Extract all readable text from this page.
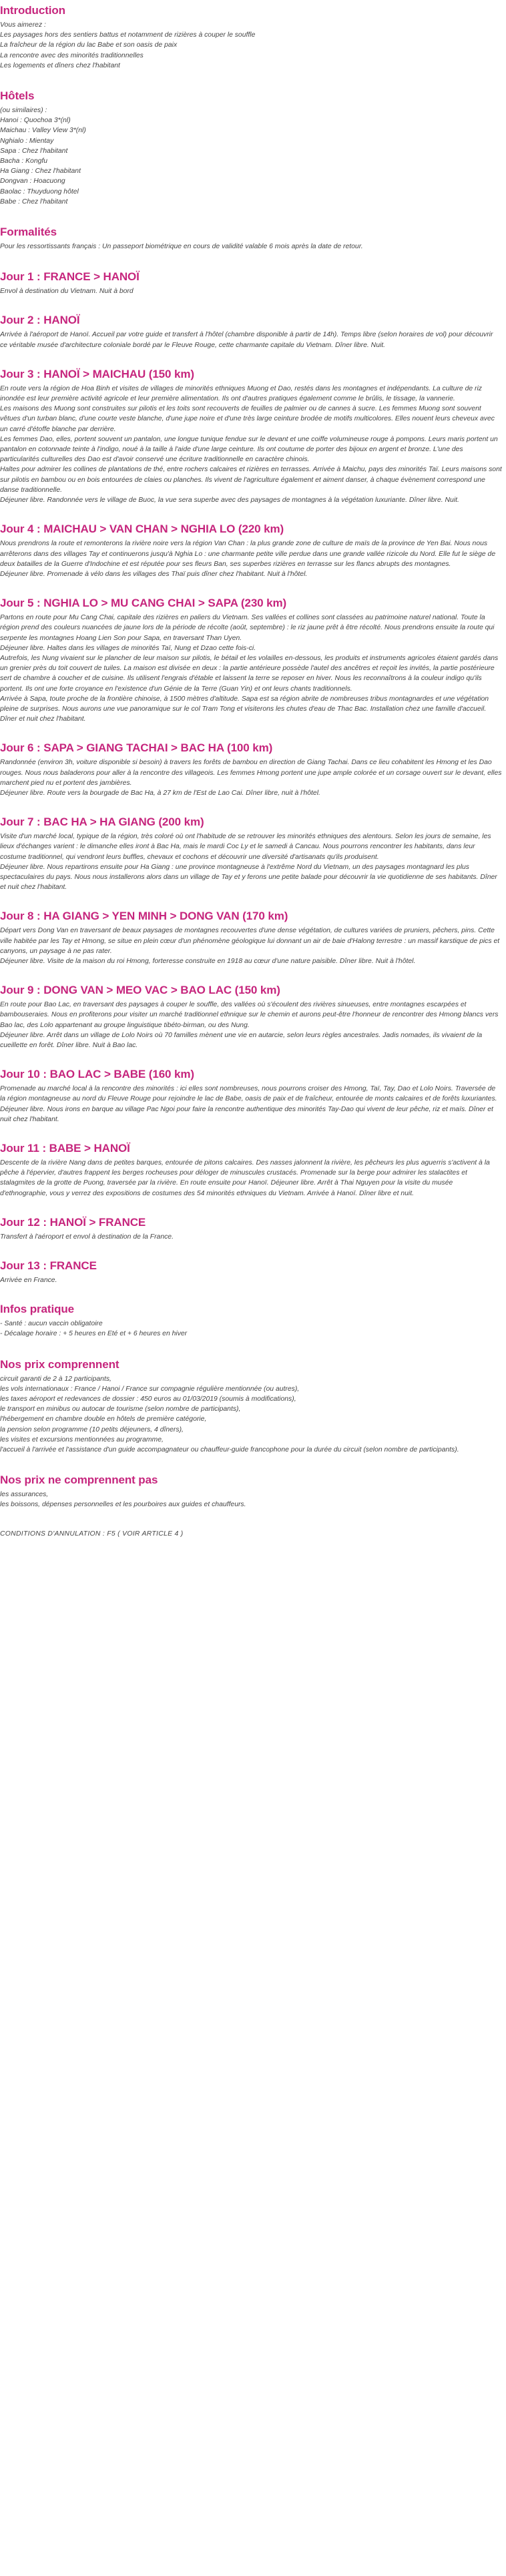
Introduction
Vous aimerez :
Les paysages hors des sentiers battus et notamment de rizières à couper le souffle
La fraîcheur de la région du lac Babe et son oasis de paix
La rencontre avec des minorités traditionnelles
Les logements et dîners chez l'habitant
Hôtels
(ou similaires) :
Hanoi : Quochoa 3*(nl)
Maichau : Valley View 3*(nl)
Nghialo : Mientay
Sapa : Chez l'habitant
Bacha : Kongfu
Ha Giang : Chez l'habitant
Dongvan : Hoacuong
Baolac : Thuyduong hôtel
Babe : Chez l'habitant
Formalités
Pour les ressortissants français : Un passeport biométrique en cours de validité valable 6 mois après la date de retour.
Jour 1 : FRANCE > HANOÏ
Envol à destination du Vietnam. Nuit à bord
Jour 2 : HANOÏ
Arrivée à l'aéroport de Hanoï. Accueil par votre guide et transfert à l'hôtel (chambre disponible à partir de 14h). Temps libre (selon horaires de vol) pour découvrir ce véritable musée d'architecture coloniale bordé par le Fleuve Rouge, cette charmante capitale du Vietnam. Dîner libre. Nuit.
Jour 3 : HANOÏ > MAICHAU (150 km)
En route vers la région de Hoa Binh et visites de villages de minorités ethniques Muong et Dao, restés dans les montagnes et indépendants. La culture de riz inondée est leur première activité agricole et leur première alimentation. Ils ont d'autres pratiques également comme le brûlis, le tissage, la vannerie.
Les maisons des Muong sont construites sur pilotis et les toits sont recouverts de feuilles de palmier ou de cannes à sucre. Les femmes Muong sont souvent vêtues d'un turban blanc, d'une courte veste blanche, d'une jupe noire et d'une très large ceinture brodée de motifs multicolores. Elles nouent leurs cheveux avec un carré d'étoffe blanche par derrière.
Les femmes Dao, elles, portent souvent un pantalon, une longue tunique fendue sur le devant et une coiffe volumineuse rouge à pompons. Leurs maris portent un pantalon en cotonnade teinte à l'indigo, noué à la taille à l'aide d'une large ceinture. Ils ont coutume de porter des bijoux en argent et bronze. L'une des particularités culturelles des Dao est d'avoir conservé une écriture traditionnelle en caractère chinois.
Haltes pour admirer les collines de plantations de thé, entre rochers calcaires et rizières en terrasses. Arrivée à Maichu, pays des minorités Taï. Leurs maisons sont sur pilotis en bambou ou en bois entourées de claies ou planches. Ils vivent de l'agriculture également et aiment danser, à chaque évènement correspond une danse traditionnelle.
Déjeuner libre. Randonnée vers le village de Buoc, la vue sera superbe avec des paysages de montagnes à la végétation luxuriante. Dîner libre. Nuit.
Jour 4 : MAICHAU > VAN CHAN > NGHIA LO (220 km)
Nous prendrons la route et remonterons la rivière noire vers la région Van Chan : la plus grande zone de culture de maïs de la province de Yen Bai. Nous nous arrêterons dans des villages Tay et continuerons jusqu'à Nghia Lo : une charmante petite ville perdue dans une grande vallée rizicole du Nord. Elle fut le siège de deux batailles de la Guerre d'Indochine et est réputée pour ses fleurs Ban, ses superbes rizières en terrasse sur les flancs abrupts des montagnes.
Déjeuner libre. Promenade à vélo dans les villages des Thaï puis dîner chez l'habitant. Nuit à l'hôtel.
Jour 5 : NGHIA LO > MU CANG CHAI > SAPA (230 km)
Partons en route pour Mu Cang Chai, capitale des rizières en paliers du Vietnam. Ses vallées et collines sont classées au patrimoine naturel national. Toute la région prend des couleurs nuancées de jaune lors de la période de récolte (août, septembre) : le riz jaune prêt à être récolté. Nous prendrons ensuite la route qui serpente les montagnes Hoang Lien Son pour Sapa, en traversant Than Uyen.
Déjeuner libre. Haltes dans les villages de minorités Taï, Nung et Dzao cette fois-ci.
Autrefois, les Nung vivaient sur le plancher de leur maison sur pilotis, le bétail et les volailles en-dessous, les produits et instruments agricoles étaient gardés dans un grenier près du toit couvert de tuiles. La maison est divisée en deux : la partie antérieure possède l'autel des ancêtres et reçoit les invités, la partie postérieure sert de chambre à coucher et de cuisine. Ils utilisent l'engrais d'étable et laissent la terre se reposer en hiver. Nous les reconnaîtrons à la couleur indigo qu'ils portent. Ils ont une forte croyance en l'existence d'un Génie de la Terre (Guan Yin) et ont leurs chants traditionnels.
Arrivée à Sapa, toute proche de la frontière chinoise, à 1500 mètres d'altitude. Sapa est sa région abrite de nombreuses tribus montagnardes et une végétation pleine de surprises. Nous aurons une vue panoramique sur le col Tram Tong et visiterons les chutes d'eau de Thac Bac. Installation chez une famille d'accueil. Dîner et nuit chez l'habitant.
Jour 6 : SAPA > GIANG TACHAI > BAC HA (100 km)
Randonnée (environ 3h, voiture disponible si besoin) à travers les forêts de bambou en direction de Giang Tachai. Dans ce lieu cohabitent les Hmong et les Dao rouges. Nous nous baladerons pour aller à la rencontre des villageois. Les femmes Hmong portent une jupe ample colorée et un corsage ouvert sur le devant, elles marchent pied nu et portent des jambières.
Déjeuner libre. Route vers la bourgade de Bac Ha, à 27 km de l'Est de Lao Cai. Dîner libre, nuit à l'hôtel.
Jour 7 : BAC HA > HA GIANG (200 km)
Visite d'un marché local, typique de la région, très coloré où ont l'habitude de se retrouver les minorités ethniques des alentours. Selon les jours de semaine, les lieux d'échanges varient : le dimanche elles iront à Bac Ha, mais le mardi Coc Ly et le samedi à Cancau. Nous pourrons rencontrer les habitants, dans leur costume traditionnel, qui vendront leurs buffles, chevaux et cochons et découvrir une diversité d'artisanats qu'ils produisent.
Déjeuner libre. Nous repartirons ensuite pour Ha Giang : une province montagneuse à l'extrême Nord du Vietnam, un des paysages montagnard les plus spectaculaires du pays. Nous nous installerons alors dans un village de Tay et y ferons une petite balade pour découvrir la vie quotidienne de ses habitants. Dîner et nuit chez l'habitant.
Jour 8 : HA GIANG > YEN MINH > DONG VAN (170 km)
Départ vers Dong Van en traversant de beaux paysages de montagnes recouvertes d'une dense végétation, de cultures variées de pruniers, pêchers, pins. Cette ville habitée par les Tay et Hmong, se situe en plein cœur d'un phénomène géologique lui donnant un air de baie d'Halong terrestre : un massif karstique de pics et canyons, un paysage à ne pas rater.
Déjeuner libre. Visite de la maison du roi Hmong, forteresse construite en 1918 au cœur d'une nature paisible. Dîner libre. Nuit à l'hôtel.
Jour 9 : DONG VAN > MEO VAC > BAO LAC (150 km)
En route pour Bao Lac, en traversant des paysages à couper le souffle, des vallées où s'écoulent des rivières sinueuses, entre montagnes escarpées et bambouseraies. Nous en profiterons pour visiter un marché traditionnel ethnique sur le chemin et aurons peut-être l'honneur de rencontrer des Hmong blancs vers Bao lac, des Lolo appartenant au groupe linguistique tibéto-birman, ou des Nung.
Déjeuner libre. Arrêt dans un village de Lolo Noirs où 70 familles mènent une vie en autarcie, selon leurs règles ancestrales. Jadis nomades, ils vivaient de la cueillette en forêt. Dîner libre. Nuit à Bao lac.
Jour 10 : BAO LAC > BABE (160 km)
Promenade au marché local à la rencontre des minorités : ici elles sont nombreuses, nous pourrons croiser des Hmong, Taï, Tay, Dao et Lolo Noirs. Traversée de la région montagneuse au nord du Fleuve Rouge pour rejoindre le lac de Babe, oasis de paix et de fraîcheur, entourée de monts calcaires et de forêts luxuriantes. Déjeuner libre. Nous irons en barque au village Pac Ngoi pour faire la rencontre authentique des minorités Tay-Dao qui vivent de leur pêche, riz et maïs. Dîner et nuit chez l'habitant.
Jour 11 : BABE > HANOÏ
Descente de la rivière Nang dans de petites barques, entourée de pitons calcaires. Des nasses jalonnent la rivière, les pêcheurs les plus aguerris s'activent à la pêche à l'épervier, d'autres frappent les berges rocheuses pour déloger de minuscules crustacés. Promenade sur la berge pour admirer les stalactites et stalagmites de la grotte de Puong, traversée par la rivière. En route ensuite pour Hanoï. Déjeuner libre. Arrêt à Thai Nguyen pour la visite du musée d'ethnographie, vous y verrez des expositions de costumes des 54 minorités ethniques du Vietnam. Arrivée à Hanoï. Dîner libre et nuit.
Jour 12 : HANOÏ > FRANCE
Transfert à l'aéroport et envol à destination de la France.
Jour 13 : FRANCE
Arrivée en France.
Infos pratique
- Santé : aucun vaccin obligatoire
- Décalage horaire : + 5 heures en Eté et + 6 heures en hiver
Nos prix comprennent
circuit garanti de 2 à 12 participants,
les vols internationaux : France / Hanoi / France sur compagnie régulière mentionnée (ou autres),
les taxes aéroport et redevances de dossier : 450 euros au 01/03/2019 (soumis à modifications),
le transport en minibus ou autocar de tourisme (selon nombre de participants),
l'hébergement en chambre double en hôtels de première catégorie,
la pension selon programme (10 petits déjeuners, 4 dîners),
les visites et excursions mentionnées au programme,
l'accueil à l'arrivée et l'assistance d'un guide accompagnateur ou chauffeur-guide francophone pour la durée du circuit (selon nombre de participants).
Nos prix ne comprennent pas
les assurances,
les boissons, dépenses personnelles et les pourboires aux guides et chauffeurs.
CONDITIONS D'ANNULATION : F5 ( VOIR ARTICLE 4 )
